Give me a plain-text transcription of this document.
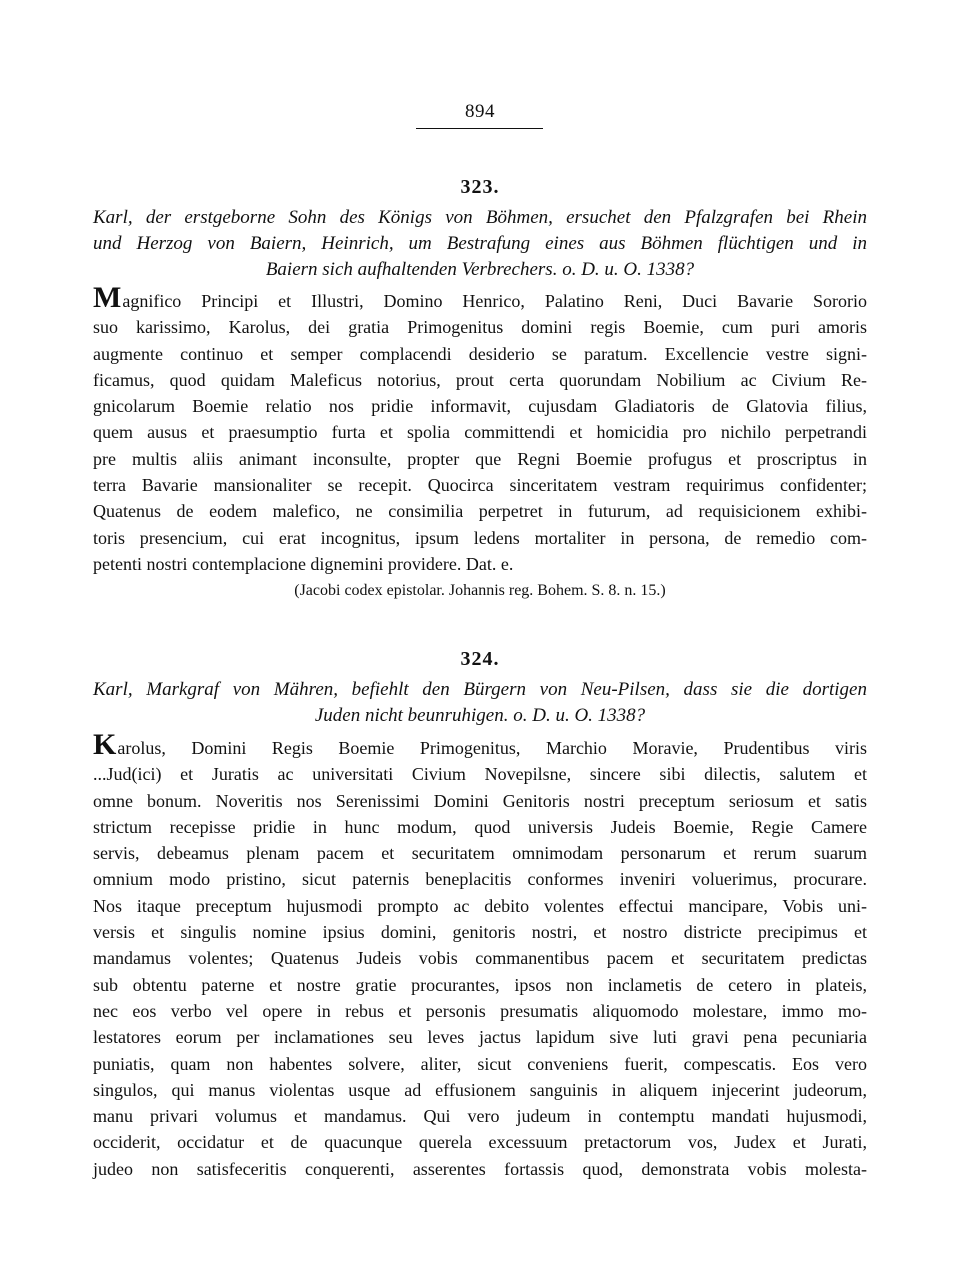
894
323.
Karl, der erstgeborne Sohn des Königs von Böhmen, ersuchet den Pfalzgrafen bei Rhein
und Herzog von Baiern, Heinrich, um Bestrafung eines aus Böhmen flüchtigen und in
Baiern sich aufhaltenden Verbrechers. o. D. u. O. 1338?
Magnifico Principi et Illustri, Domino Henrico, Palatino Reni, Duci Bavarie Sororio
suo karissimo, Karolus, dei gratia Primogenitus domini regis Boemie, cum puri amoris
augmente continuo et semper complacendi desiderio se paratum. Excellencie vestre signi-
ficamus, quod quidam Maleficus notorius, prout certa quorundam Nobilium ac Civium Re-
gnicolarum Boemie relatio nos pridie informavit, cujusdam Gladiatoris de Glatovia filius,
quem ausus et praesumptio furta et spolia committendi et homicidia pro nichilo perpetrandi
pre multis aliis animant inconsulte, propter que Regni Boemie profugus et proscriptus in
terra Bavarie mansionaliter se recepit. Quocirca sinceritatem vestram requirimus confidenter;
Quatenus de eodem malefico, ne consimilia perpetret in futurum, ad requisicionem exhibi-
toris presencium, cui erat incognitus, ipsum ledens mortaliter in persona, de remedio com-
petenti nostri contemplacione dignemini providere. Dat. e.
(Jacobi codex epistolar. Johannis reg. Bohem. S. 8. n. 15.)
324.
Karl, Markgraf von Mähren, befiehlt den Bürgern von Neu-Pilsen, dass sie die dortigen
Juden nicht beunruhigen. o. D. u. O. 1338?
Karolus, Domini Regis Boemie Primogenitus, Marchio Moravie, Prudentibus viris
...Jud(ici) et Juratis ac universitati Civium Novepilsne, sincere sibi dilectis, salutem et
omne bonum. Noveritis nos Serenissimi Domini Genitoris nostri preceptum seriosum et satis
strictum recepisse pridie in hunc modum, quod universis Judeis Boemie, Regie Camere
servis, debeamus plenam pacem et securitatem omnimodam personarum et rerum suarum
omnium modo pristino, sicut paternis beneplacitis conformes inveniri voluerimus, procurare.
Nos itaque preceptum hujusmodi prompto ac debito volentes effectui mancipare, Vobis uni-
versis et singulis nomine ipsius domini, genitoris nostri, et nostro districte precipimus et
mandamus volentes; Quatenus Judeis vobis commanentibus pacem et securitatem predictas
sub obtentu paterne et nostre gratie procurantes, ipsos non inclametis de cetero in plateis,
nec eos verbo vel opere in rebus et personis presumatis aliquomodo molestare, immo mo-
lestatores eorum per inclamationes seu leves jactus lapidum sive luti gravi pena pecuniaria
puniatis, quam non habentes solvere, aliter, sicut conveniens fuerit, compescatis. Eos vero
singulos, qui manus violentas usque ad effusionem sanguinis in aliquem injecerint judeorum,
manu privari volumus et mandamus. Qui vero judeum in contemptu mandati hujusmodi,
occiderit, occidatur et de quacunque querela excessuum pretactorum vos, Judex et Jurati,
judeo non satisfeceritis conquerenti, asserentes fortassis quod, demonstrata vobis molesta-
